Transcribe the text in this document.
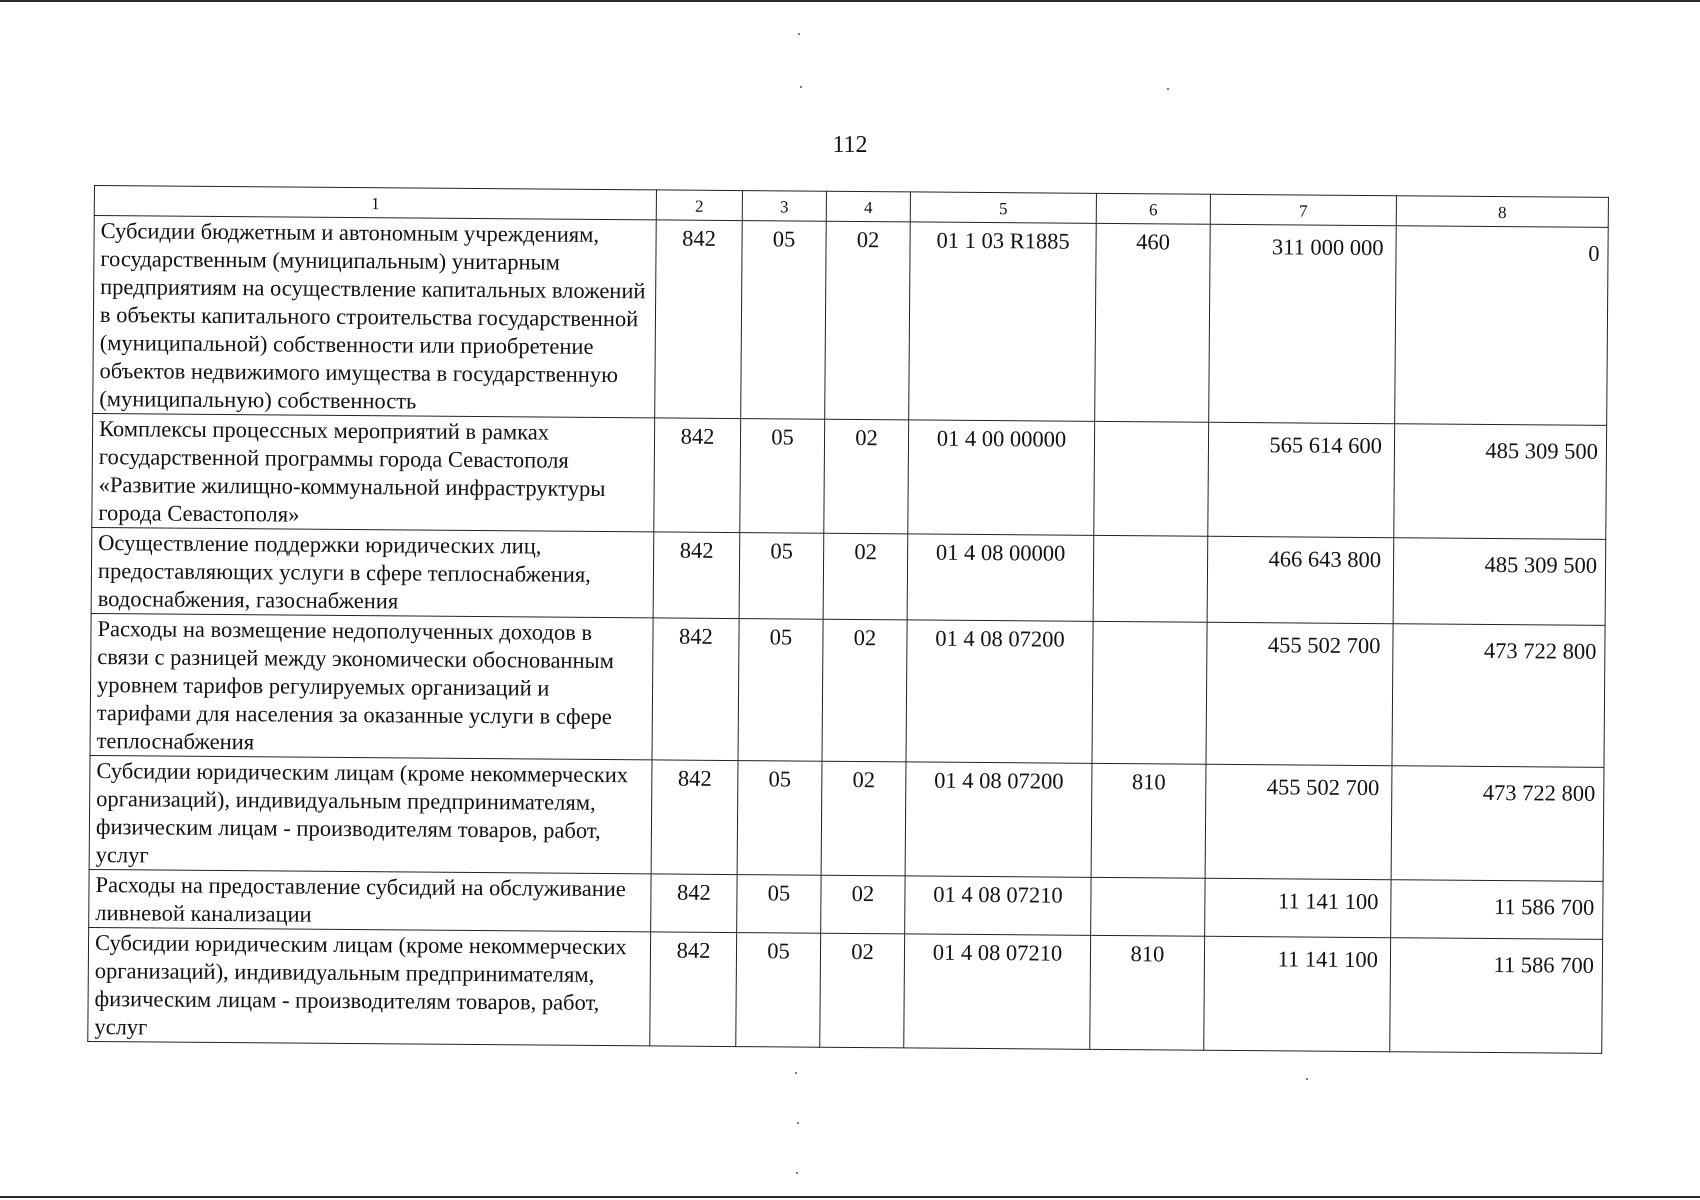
112
1	2	3	4	5	6	7	8
Субсидии бюджетным и автономным учреждениям, государственным (муниципальным) унитарным предприятиям на осуществление капитальных вложений в объекты капитального строительства государственной (муниципальной) собственности или приобретение объектов недвижимого имущества в государственную (муниципальную) собственность	842	05	02	01 1 03 R1885	460	311 000 000	0
Комплексы процессных мероприятий в рамках государственной программы города Севастополя «Развитие жилищно-коммунальной инфраструктуры города Севастополя»	842	05	02	01 4 00 00000		565 614 600	485 309 500
Осуществление поддержки юридических лиц, предоставляющих услуги в сфере теплоснабжения, водоснабжения, газоснабжения	842	05	02	01 4 08 00000		466 643 800	485 309 500
Расходы на возмещение недополученных доходов в связи с разницей между экономически обоснованным уровнем тарифов регулируемых организаций и тарифами для населения за оказанные услуги в сфере теплоснабжения	842	05	02	01 4 08 07200		455 502 700	473 722 800
Субсидии юридическим лицам (кроме некоммерческих организаций), индивидуальным предпринимателям, физическим лицам - производителям товаров, работ, услуг	842	05	02	01 4 08 07200	810	455 502 700	473 722 800
Расходы на предоставление субсидий на обслуживание ливневой канализации	842	05	02	01 4 08 07210		11 141 100	11 586 700
Субсидии юридическим лицам (кроме некоммерческих организаций), индивидуальным предпринимателям, физическим лицам - производителям товаров, работ, услуг	842	05	02	01 4 08 07210	810	11 141 100	11 586 700
